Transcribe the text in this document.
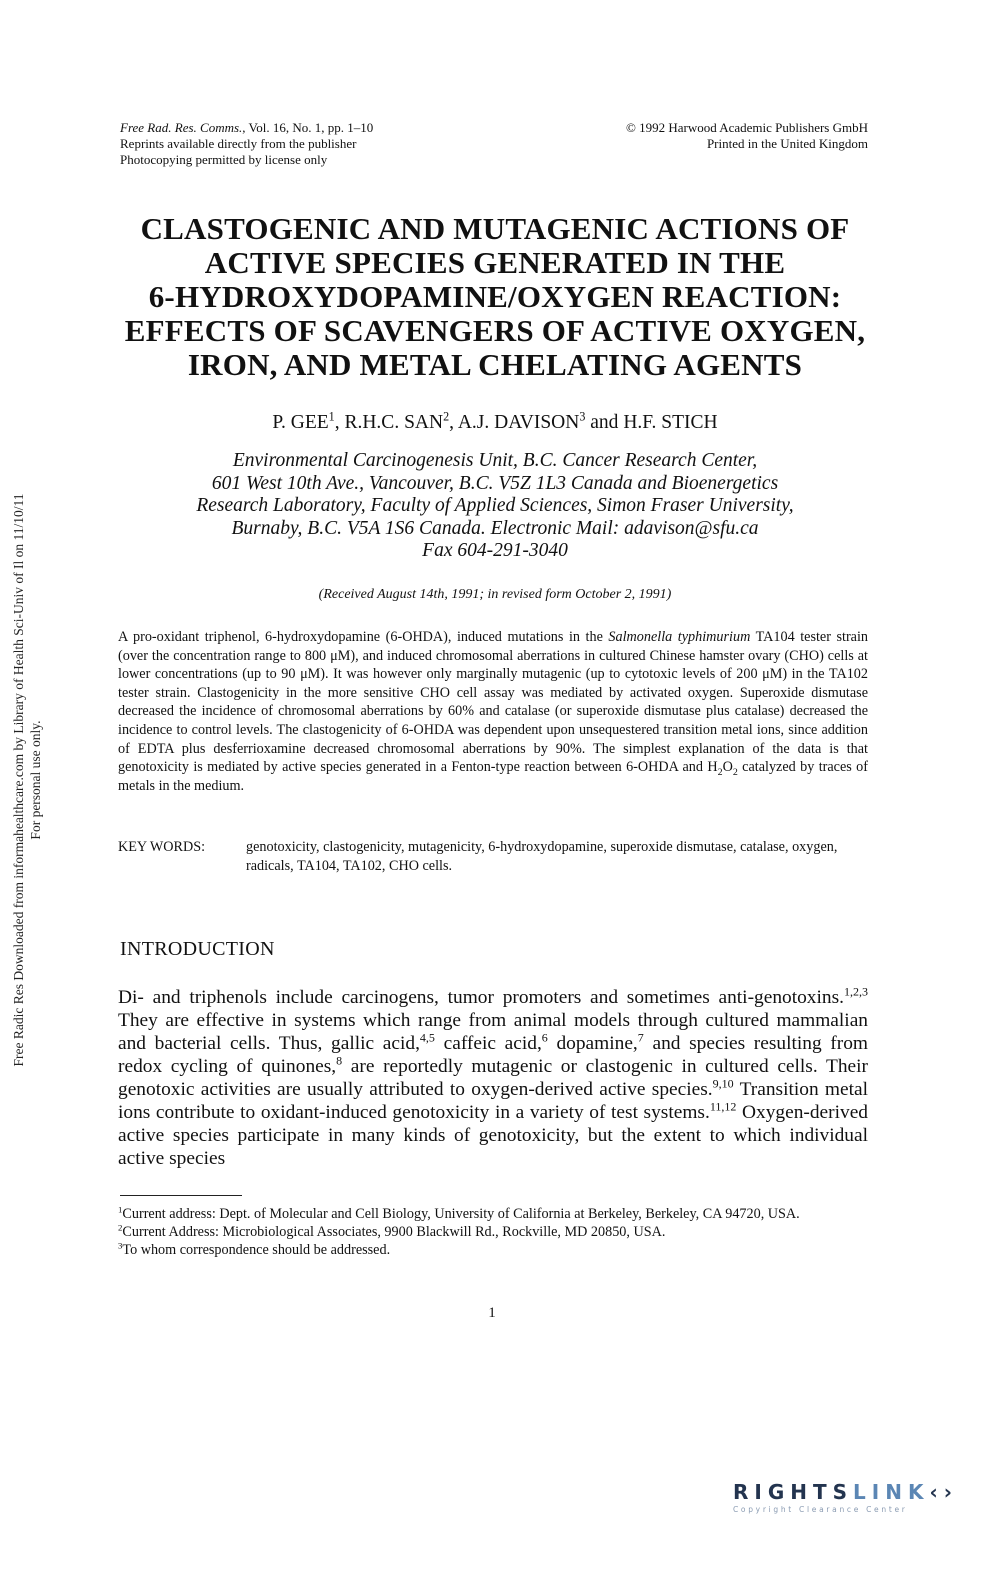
Free Rad. Res. Comms., Vol. 16, No. 1, pp. 1–10
Reprints available directly from the publisher
Photocopying permitted by license only
© 1992 Harwood Academic Publishers GmbH
Printed in the United Kingdom
CLASTOGENIC AND MUTAGENIC ACTIONS OF
ACTIVE SPECIES GENERATED IN THE
6-HYDROXYDOPAMINE/OXYGEN REACTION:
EFFECTS OF SCAVENGERS OF ACTIVE OXYGEN,
IRON, AND METAL CHELATING AGENTS
P. GEE$^1$, R.H.C. SAN$^2$, A.J. DAVISON$^3$ and H.F. STICH
Environmental Carcinogenesis Unit, B.C. Cancer Research Center,
601 West 10th Ave., Vancouver, B.C. V5Z 1L3 Canada and Bioenergetics
Research Laboratory, Faculty of Applied Sciences, Simon Fraser University,
Burnaby, B.C. V5A 1S6 Canada. Electronic Mail: adavison@sfu.ca
Fax 604-291-3040
(Received August 14th, 1991; in revised form October 2, 1991)
A pro-oxidant triphenol, 6-hydroxydopamine (6-OHDA), induced mutations in the Salmonella typhimurium TA104 tester strain (over the concentration range to 800 μM), and induced chromosomal aberrations in cultured Chinese hamster ovary (CHO) cells at lower concentrations (up to 90 μM). It was however only marginally mutagenic (up to cytotoxic levels of 200 μM) in the TA102 tester strain. Clastogenicity in the more sensitive CHO cell assay was mediated by activated oxygen. Superoxide dismutase decreased the incidence of chromosomal aberrations by 60% and catalase (or superoxide dismutase plus catalase) decreased the incidence to control levels. The clastogenicity of 6-OHDA was dependent upon unsequestered transition metal ions, since addition of EDTA plus desferrioxamine decreased chromosomal aberrations by 90%. The simplest explanation of the data is that genotoxicity is mediated by active species generated in a Fenton-type reaction between 6-OHDA and $H_2O_2$ catalyzed by traces of metals in the medium.
KEY WORDS:	genotoxicity, clastogenicity, mutagenicity, 6-hydroxydopamine, superoxide dismutase, catalase, oxygen, radicals, TA104, TA102, CHO cells.
INTRODUCTION
Di- and triphenols include carcinogens, tumor promoters and sometimes anti-genotoxins.$^{1,2,3}$ They are effective in systems which range from animal models through cultured mammalian and bacterial cells. Thus, gallic acid,$^{4,5}$ caffeic acid,$^6$ dopamine,$^7$ and species resulting from redox cycling of quinones,$^8$ are reportedly mutagenic or clastogenic in cultured cells. Their genotoxic activities are usually attributed to oxygen-derived active species.$^{9,10}$ Transition metal ions contribute to oxidant-induced genotoxicity in a variety of test systems.$^{11,12}$ Oxygen-derived active species participate in many kinds of genotoxicity, but the extent to which individual active species

$^1$Current address: Dept. of Molecular and Cell Biology, University of California at Berkeley, Berkeley, CA 94720, USA.

$^2$Current Address: Microbiological Associates, 9900 Blackwill Rd., Rockville, MD 20850, USA.

$^3$To whom correspondence should be addressed.

1
Free Radic Res Downloaded from informahealthcare.com by Library of Health Sci-Univ of Il on 11/10/11 For personal use only.
RIGHTSLINK‹›
Copyright Clearance Center
